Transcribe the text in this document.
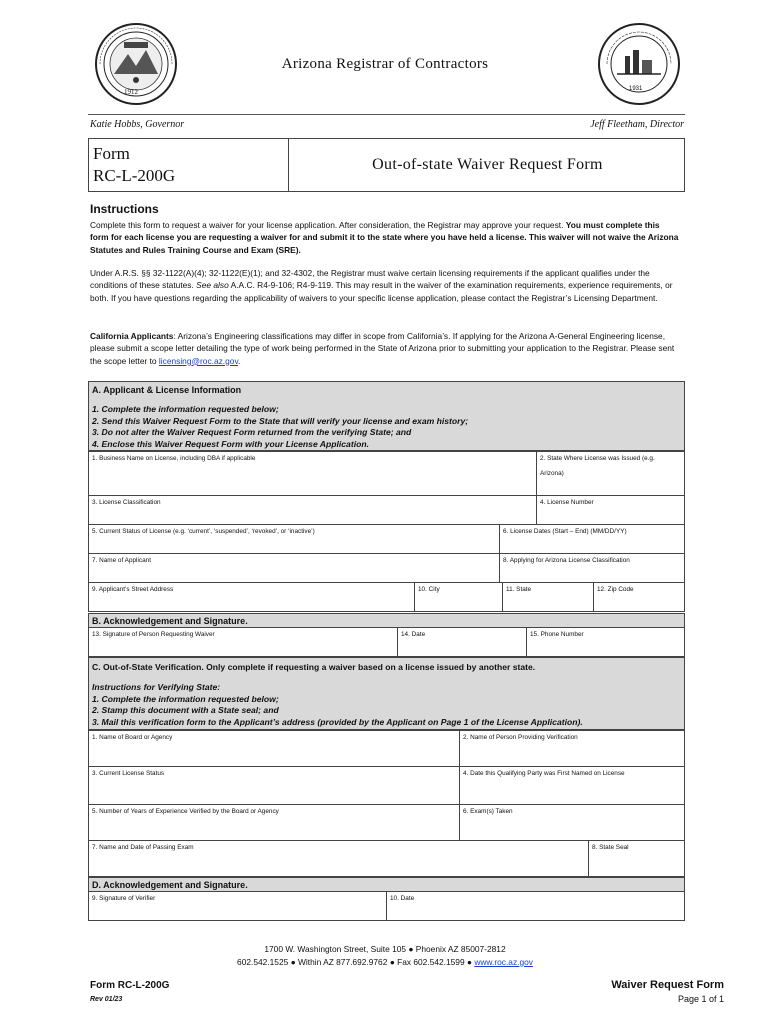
1912
Arizona Registrar of Contractors
1931
Katie Hobbs, Governor	Jeff Fleetham, Director
Form
RC-L-200G
Out-of-state Waiver Request Form
Instructions
Complete this form to request a waiver for your license application. After consideration, the Registrar may approve your request. You must complete this form for each license you are requesting a waiver for and submit it to the state where you have held a license. This waiver will not waive the Arizona Statutes and Rules Training Course and Exam (SRE).
Under A.R.S. §§ 32-1122(A)(4); 32-1122(E)(1); and 32-4302, the Registrar must waive certain licensing requirements if the applicant qualifies under the conditions of these statutes. See also A.A.C. R4-9-106; R4-9-119. This may result in the waiver of the examination requirements, experience requirements, or both. If you have questions regarding the applicability of waivers to your specific license application, please contact the Registrar’s Licensing Department.
California Applicants: Arizona’s Engineering classifications may differ in scope from California’s. If applying for the Arizona A-General Engineering license, please submit a scope letter detailing the type of work being performed in the State of Arizona prior to submitting your application to the Registrar. Please sent the scope letter to licensing@roc.az.gov.
A. Applicant & License Information
1. Complete the information requested below;
2. Send this Waiver Request Form to the State that will verify your license and exam history;
3. Do not alter the Waiver Request Form returned from the verifying State; and
4. Enclose this Waiver Request Form with your License Application.
1. Business Name on License, including DBA if applicable	2. State Where License was Issued (e.g.
Arizona)
3. License Classification	4. License Number
5. Current Status of License (e.g. ‘current’, ‘suspended’, ‘revoked’, or ‘inactive’)	6. License Dates (Start – End) (MM/DD/YY)
7. Name of Applicant	8. Applying for Arizona License Classification
9. Applicant’s Street Address	10. City	11. State	12. Zip Code
B. Acknowledgement and Signature.
13. Signature of Person Requesting Waiver	14. Date	15. Phone Number
C. Out-of-State Verification. Only complete if requesting a waiver based on a license issued by another state.
Instructions for Verifying State:
1. Complete the information requested below;
2. Stamp this document with a State seal; and
3. Mail this verification form to the Applicant’s address (provided by the Applicant on Page 1 of the License Application).
1. Name of Board or Agency	2. Name of Person Providing Verification
3. Current License Status	4. Date this Qualifying Party was First Named on License
5. Number of Years of Experience Verified by the Board or Agency	6. Exam(s) Taken
7. Name and Date of Passing Exam	8. State Seal
D. Acknowledgement and Signature.
9. Signature of Verifier	10. Date
1700 W. Washington Street, Suite 105 ● Phoenix AZ 85007-2812
602.542.1525 ● Within AZ 877.692.9762 ● Fax 602.542.1599 ● www.roc.az.gov
Form RC-L-200G
Rev 01/23
Waiver Request Form
Page 1 of 1
